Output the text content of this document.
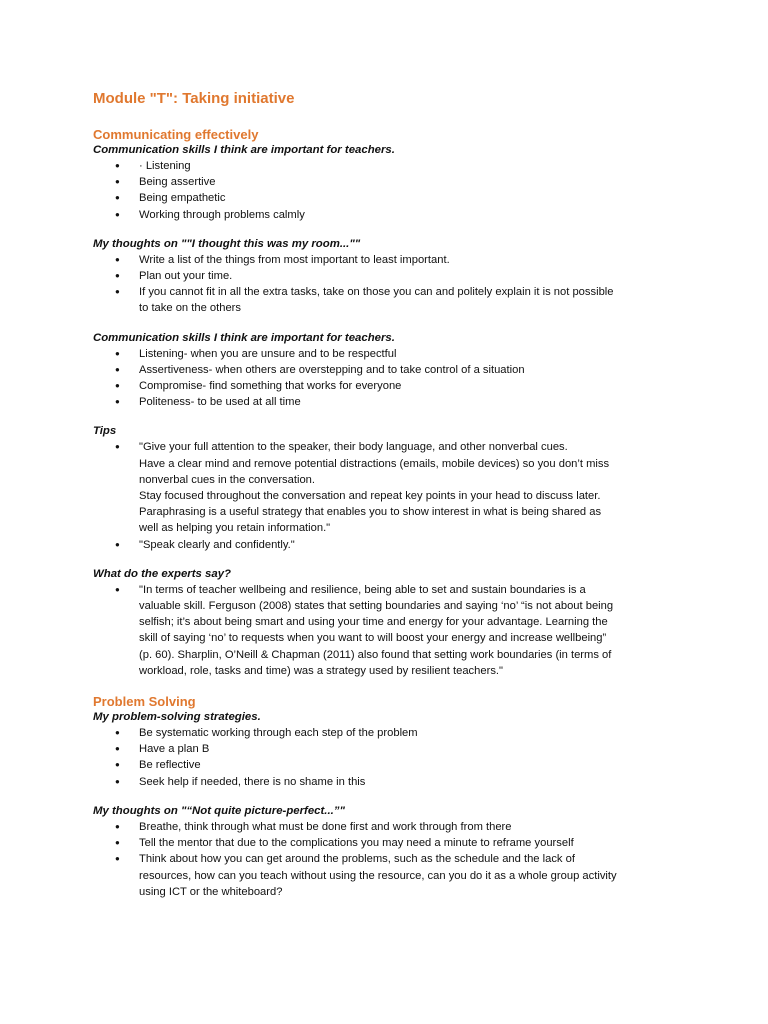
Module "T": Taking initiative
Communicating effectively
Communication skills I think are important for teachers.
● · Listening
● Being assertive
● Being empathetic
● Working through problems calmly
My thoughts on ""I thought this was my room...""
● Write a list of the things from most important to least important.
● Plan out your time.
● If you cannot fit in all the extra tasks, take on those you can and politely explain it is not possible
to take on the others
Communication skills I think are important for teachers.
● Listening- when you are unsure and to be respectful
● Assertiveness- when others are overstepping and to take control of a situation
● Compromise- find something that works for everyone
● Politeness- to be used at all time
Tips
● "Give your full attention to the speaker, their body language, and other nonverbal cues.
Have a clear mind and remove potential distractions (emails, mobile devices) so you don’t miss
nonverbal cues in the conversation.
Stay focused throughout the conversation and repeat key points in your head to discuss later.
Paraphrasing is a useful strategy that enables you to show interest in what is being shared as
well as helping you retain information."
● "Speak clearly and confidently."
What do the experts say?
● "In terms of teacher wellbeing and resilience, being able to set and sustain boundaries is a
valuable skill. Ferguson (2008) states that setting boundaries and saying ‘no’ “is not about being
selfish; it’s about being smart and using your time and energy for your advantage. Learning the
skill of saying ‘no’ to requests when you want to will boost your energy and increase wellbeing”
(p. 60). Sharplin, O’Neill & Chapman (2011) also found that setting work boundaries (in terms of
workload, role, tasks and time) was a strategy used by resilient teachers."
Problem Solving
My problem-solving strategies.
● Be systematic working through each step of the problem
● Have a plan B
● Be reflective
● Seek help if needed, there is no shame in this
My thoughts on "“Not quite picture-perfect...”"
● Breathe, think through what must be done first and work through from there
● Tell the mentor that due to the complications you may need a minute to reframe yourself
● Think about how you can get around the problems, such as the schedule and the lack of
resources, how can you teach without using the resource, can you do it as a whole group activity
using ICT or the whiteboard?
